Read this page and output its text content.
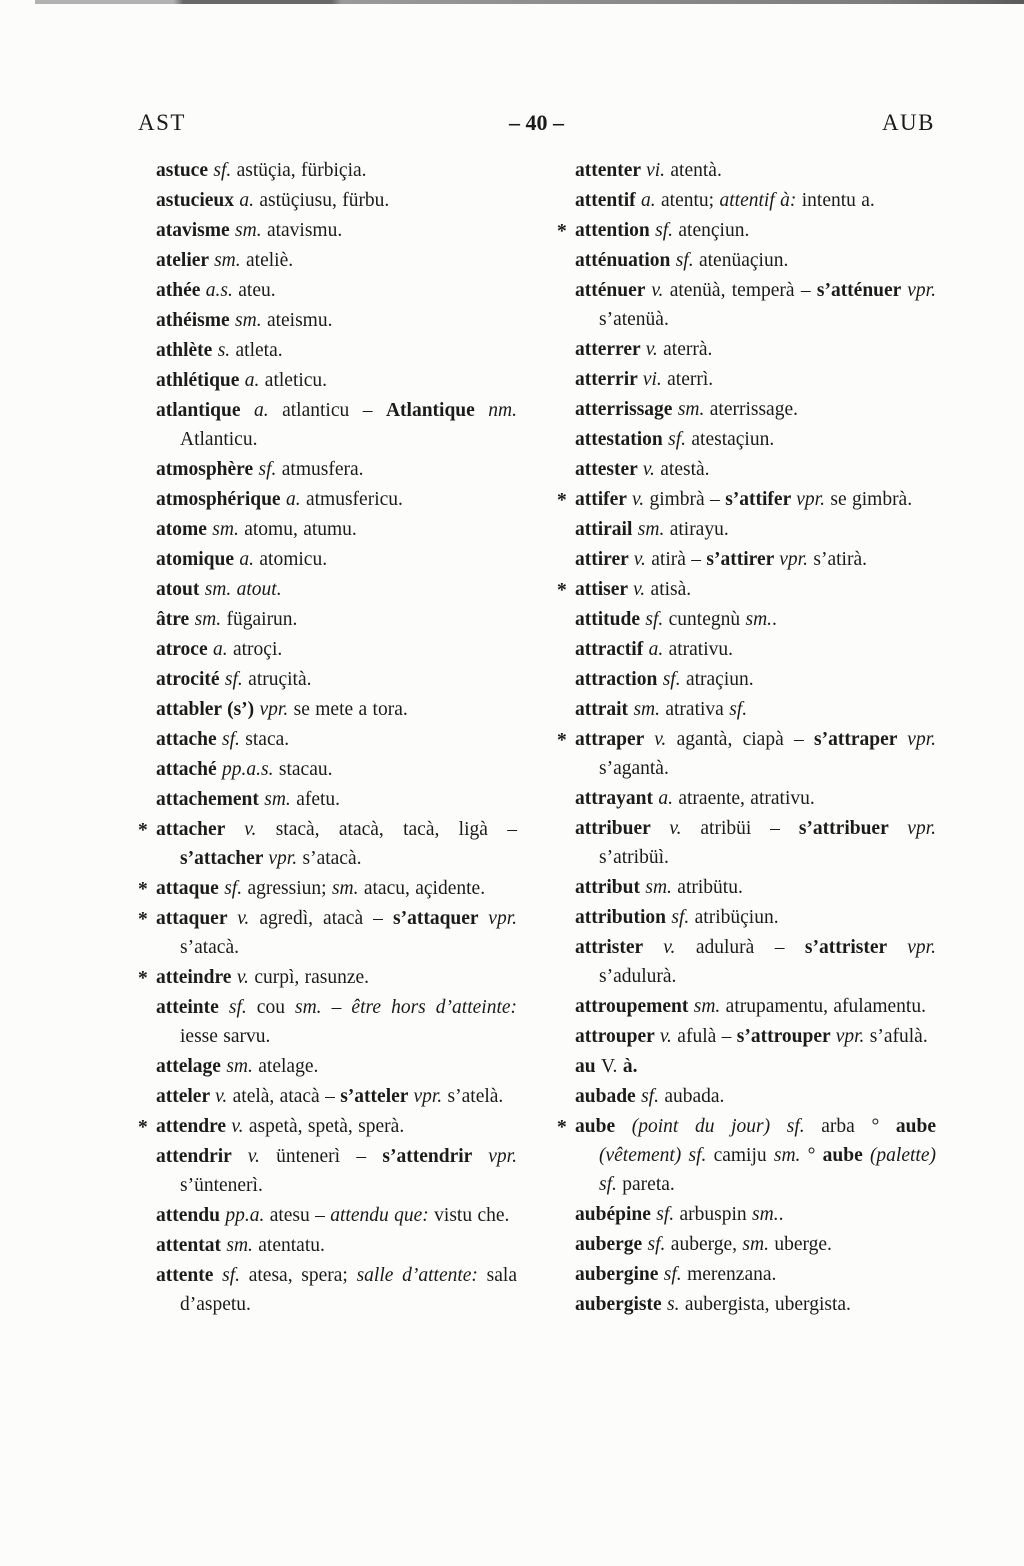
AST	– 40 –	AUB

astuce sf. astüçia, fürbiçia.

astucieux a. astüçiusu, fürbu.

atavisme sm. atavismu.

atelier sm. ateliè.

athée a.s. ateu.

athéisme sm. ateismu.

athlète s. atleta.

athlétique a. atleticu.

atlantique a. atlanticu – Atlantique nm. Atlanticu.

atmosphère sf. atmusfera.

atmosphérique a. atmusfericu.

atome sm. atomu, atumu.

atomique a. atomicu.

atout sm. atout.

âtre sm. fügairun.

atroce a. atroçi.

atrocité sf. atruçità.

attabler (s’) vpr. se mete a tora.

attache sf. staca.

attaché pp.a.s. stacau.

attachement sm. afetu.

* attacher v. stacà, atacà, tacà, ligà – s’attacher vpr. s’atacà.

* attaque sf. agressiun; sm. atacu, açidente.

* attaquer v. agredì, atacà – s’attaquer vpr. s’atacà.

* atteindre v. curpì, rasunze.

atteinte sf. cou sm. – être hors d’atteinte: iesse sarvu.

attelage sm. atelage.

atteler v. atelà, atacà – s’atteler vpr. s’atelà.

* attendre v. aspetà, spetà, sperà.

attendrir v. üntenerì – s’attendrir vpr. s’üntenerì.

attendu pp.a. atesu – attendu que: vistu che.

attentat sm. atentatu.

attente sf. atesa, spera; salle d’attente: sala d’aspetu.

attenter vi. atentà.

attentif a. atentu; attentif à: intentu a.

* attention sf. atençiun.

atténuation sf. atenüaçiun.

atténuer v. atenüà, temperà – s’atténuer vpr. s’atenüà.

atterrer v. aterrà.

atterrir vi. aterrì.

atterrissage sm. aterrissage.

attestation sf. atestaçiun.

attester v. atestà.

* attifer v. gimbrà – s’attifer vpr. se gimbrà.

attirail sm. atirayu.

attirer v. atirà – s’attirer vpr. s’atirà.

* attiser v. atisà.

attitude sf. cuntegnù sm..

attractif a. atrativu.

attraction sf. atraçiun.

attrait sm. atrativa sf.

* attraper v. agantà, ciapà – s’attraper vpr. s’agantà.

attrayant a. atraente, atrativu.

attribuer v. atribüi – s’attribuer vpr. s’atribüì.

attribut sm. atribütu.

attribution sf. atribüçiun.

attrister v. adulurà – s’attrister vpr. s’adulurà.

attroupement sm. atrupamentu, afulamentu.

attrouper v. afulà – s’attrouper vpr. s’afulà.

au V. à.

aubade sf. aubada.

* aube (point du jour) sf. arba ° aube (vêtement) sf. camiju sm. ° aube (palette) sf. pareta.

aubépine sf. arbuspin sm..

auberge sf. auberge, sm. uberge.

aubergine sf. merenzana.

aubergiste s. aubergista, ubergista.
